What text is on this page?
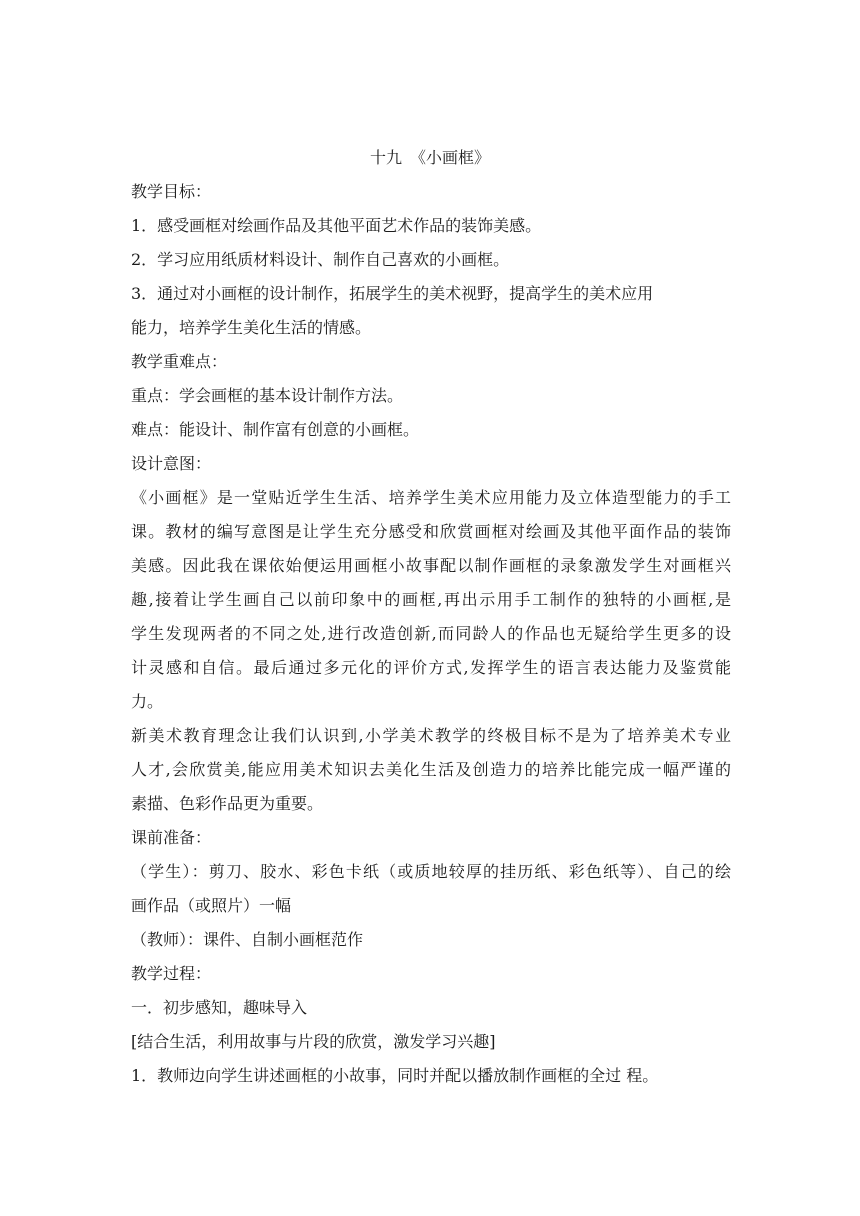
十九　《小画框》
教学目标：
1．感受画框对绘画作品及其他平面艺术作品的装饰美感。
2．学习应用纸质材料设计、制作自己喜欢的小画框。
3．通过对小画框的设计制作，拓展学生的美术视野，提高学生的美术应用
能力，培养学生美化生活的情感。
教学重难点：
重点：学会画框的基本设计制作方法。
难点：能设计、制作富有创意的小画框。
设计意图：
《小画框》是一堂贴近学生生活、培养学生美术应用能力及立体造型能力的手工
课。教材的编写意图是让学生充分感受和欣赏画框对绘画及其他平面作品的装饰
美感。因此我在课依始便运用画框小故事配以制作画框的录象激发学生对画框兴
趣,接着让学生画自己以前印象中的画框,再出示用手工制作的独特的小画框,是
学生发现两者的不同之处,进行改造创新,而同龄人的作品也无疑给学生更多的设
计灵感和自信。最后通过多元化的评价方式,发挥学生的语言表达能力及鉴赏能
力。
新美术教育理念让我们认识到,小学美术教学的终极目标不是为了培养美术专业
人才,会欣赏美,能应用美术知识去美化生活及创造力的培养比能完成一幅严谨的
素描、色彩作品更为重要。
课前准备：
（学生）：剪刀、胶水、彩色卡纸（或质地较厚的挂历纸、彩色纸等）、自己的绘
画作品（或照片）一幅
（教师）：课件、自制小画框范作
教学过程：
一．初步感知，趣味导入
[结合生活，利用故事与片段的欣赏，激发学习兴趣]
1．教师边向学生讲述画框的小故事，同时并配以播放制作画框的全过 程。
